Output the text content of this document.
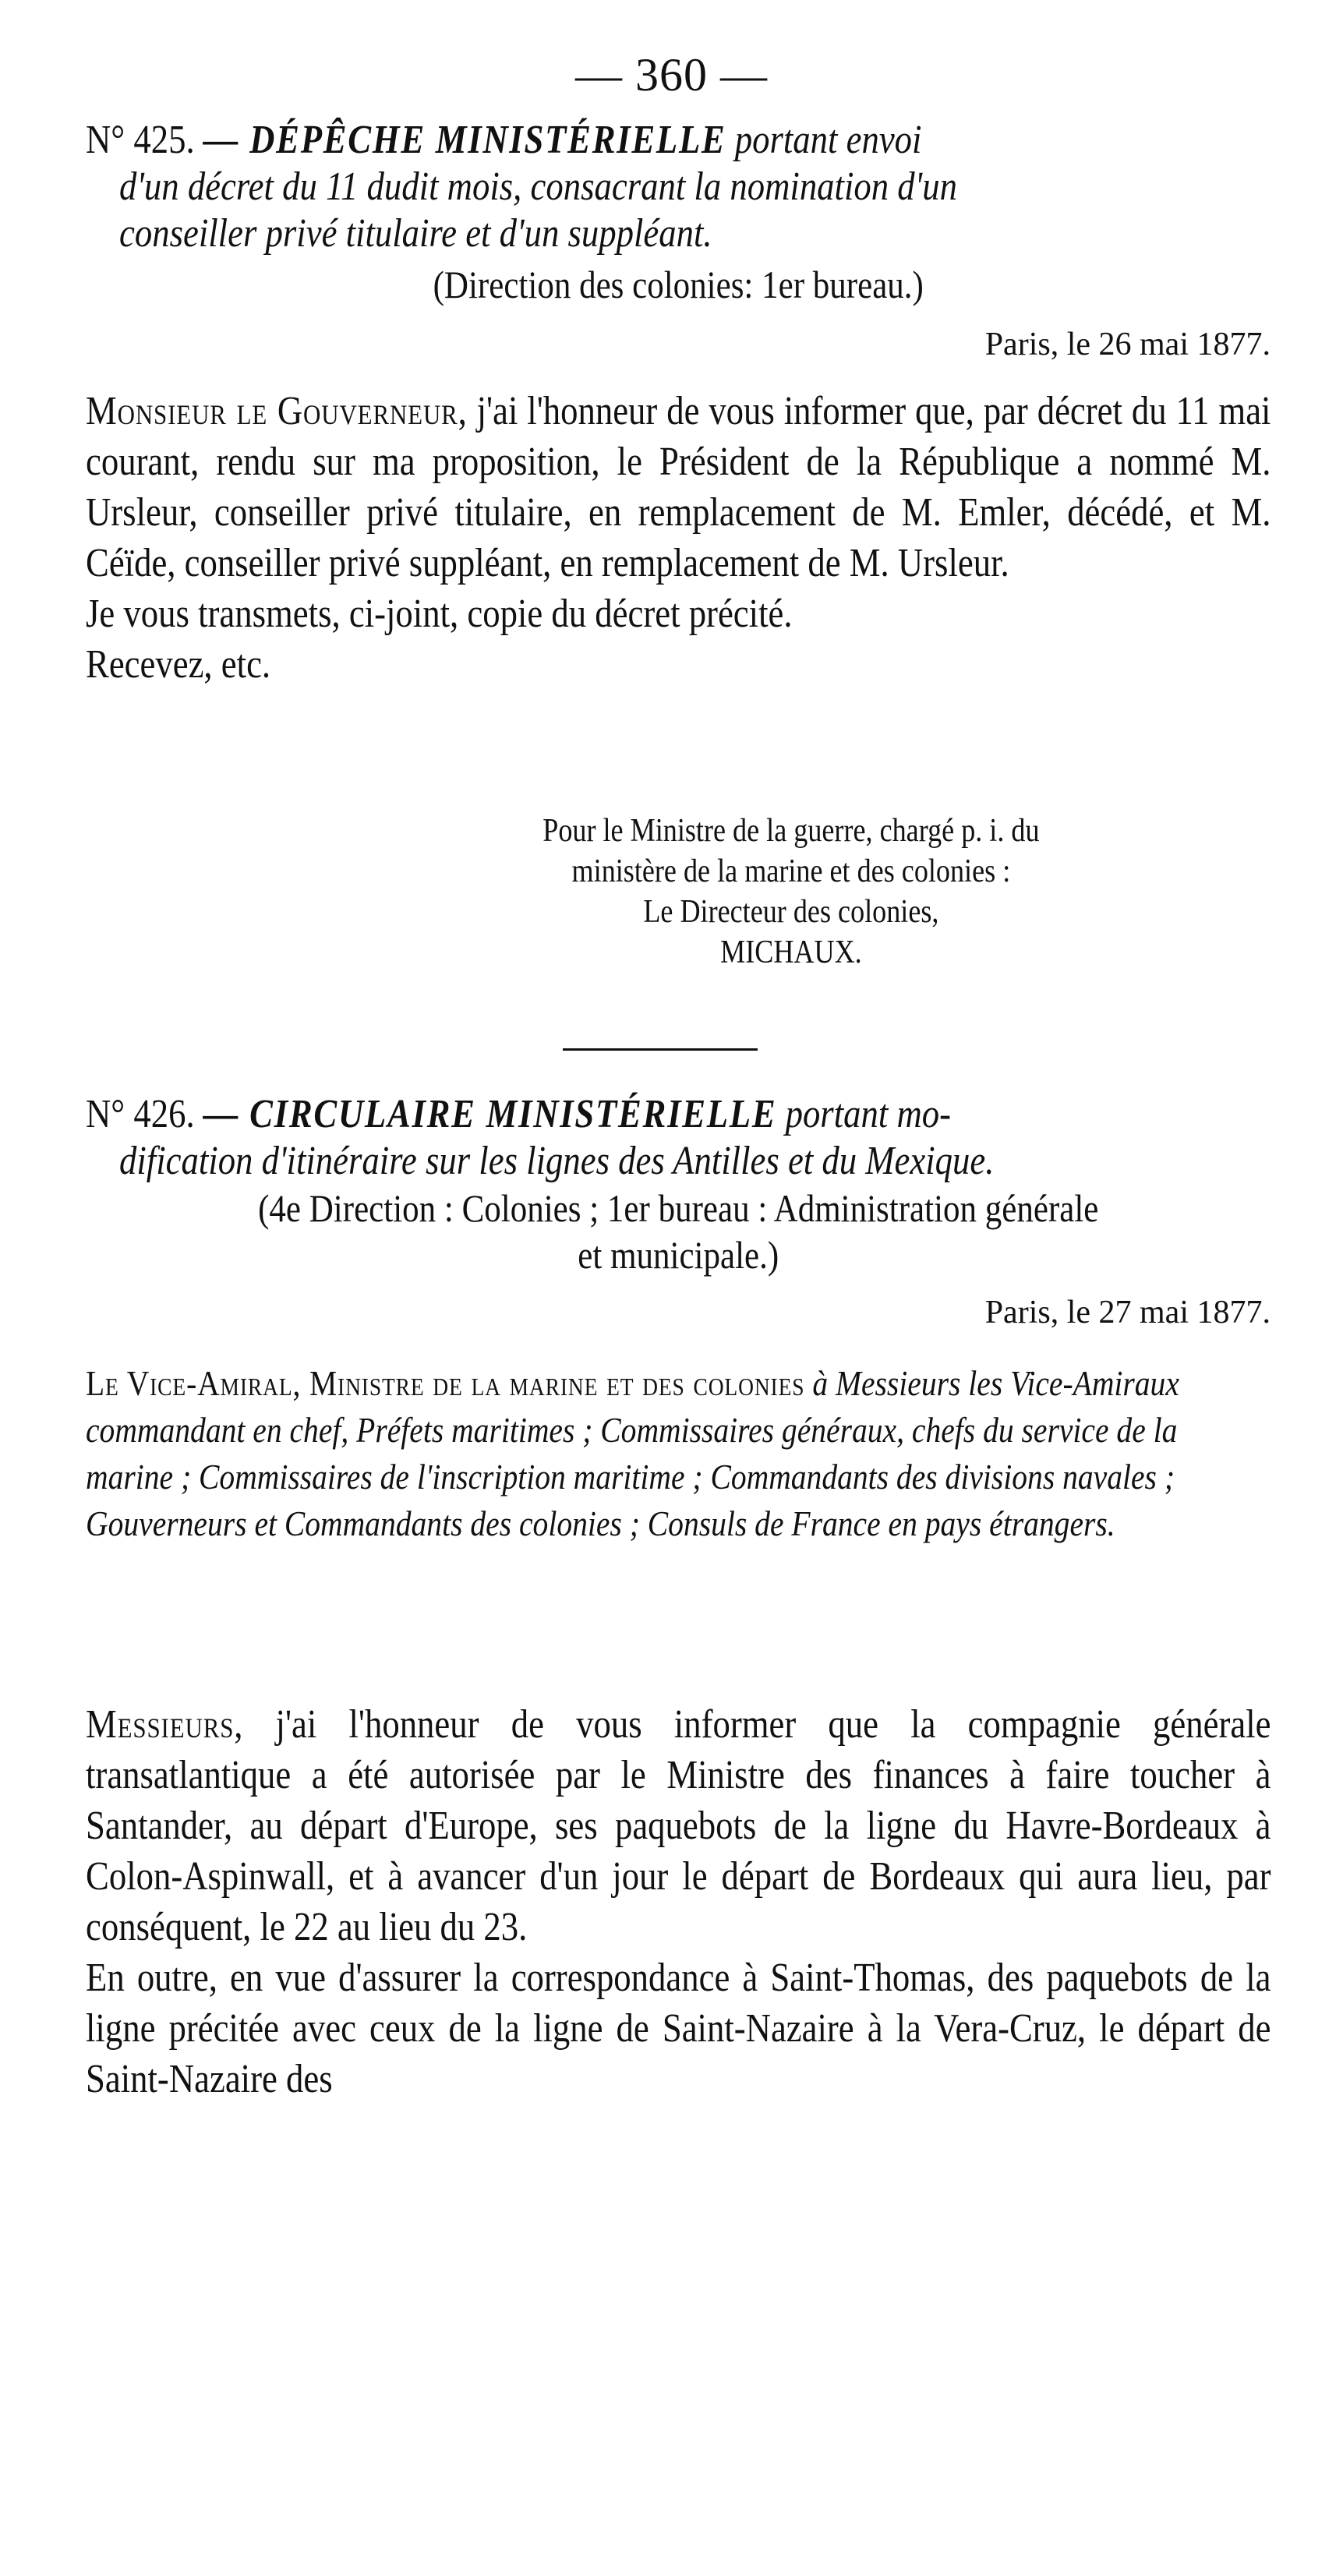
— 360 —

N° 425. — DÉPÊCHE MINISTÉRIELLE portant envoi

d'un décret du 11 dudit mois, consacrant la nomination d'un

conseiller privé titulaire et d'un suppléant.

(Direction des colonies: 1er bureau.)

Paris, le 26 mai 1877.

Monsieur le Gouverneur, j'ai l'honneur de vous informer que, par décret du 11 mai courant, rendu sur ma proposition, le Président de la République a nommé M. Ursleur, conseiller privé titulaire, en remplacement de M. Emler, décédé, et M. Céïde, conseiller privé suppléant, en remplacement de M. Ursleur.

Je vous transmets, ci-joint, copie du décret précité.

Recevez, etc.

Pour le Ministre de la guerre, chargé p. i. du

ministère de la marine et des colonies :

Le Directeur des colonies,

MICHAUX.

N° 426. — CIRCULAIRE MINISTÉRIELLE portant mo-

dification d'itinéraire sur les lignes des Antilles et du Mexique.

(4e Direction : Colonies ; 1er bureau : Administration générale

et municipale.)

Paris, le 27 mai 1877.

Le Vice-Amiral, Ministre de la marine et des colonies à Messieurs les Vice-Amiraux commandant en chef, Préfets maritimes ; Commissaires généraux, chefs du service de la marine ; Commissaires de l'inscription maritime ; Commandants des divisions navales ; Gouverneurs et Commandants des colonies ; Consuls de France en pays étrangers.

Messieurs, j'ai l'honneur de vous informer que la compagnie générale transatlantique a été autorisée par le Ministre des finances à faire toucher à Santander, au départ d'Europe, ses paquebots de la ligne du Havre-Bordeaux à Colon-Aspinwall, et à avancer d'un jour le départ de Bordeaux qui aura lieu, par conséquent, le 22 au lieu du 23.

En outre, en vue d'assurer la correspondance à Saint-Thomas, des paquebots de la ligne précitée avec ceux de la ligne de Saint-Nazaire à la Vera-Cruz, le départ de Saint-Nazaire des
